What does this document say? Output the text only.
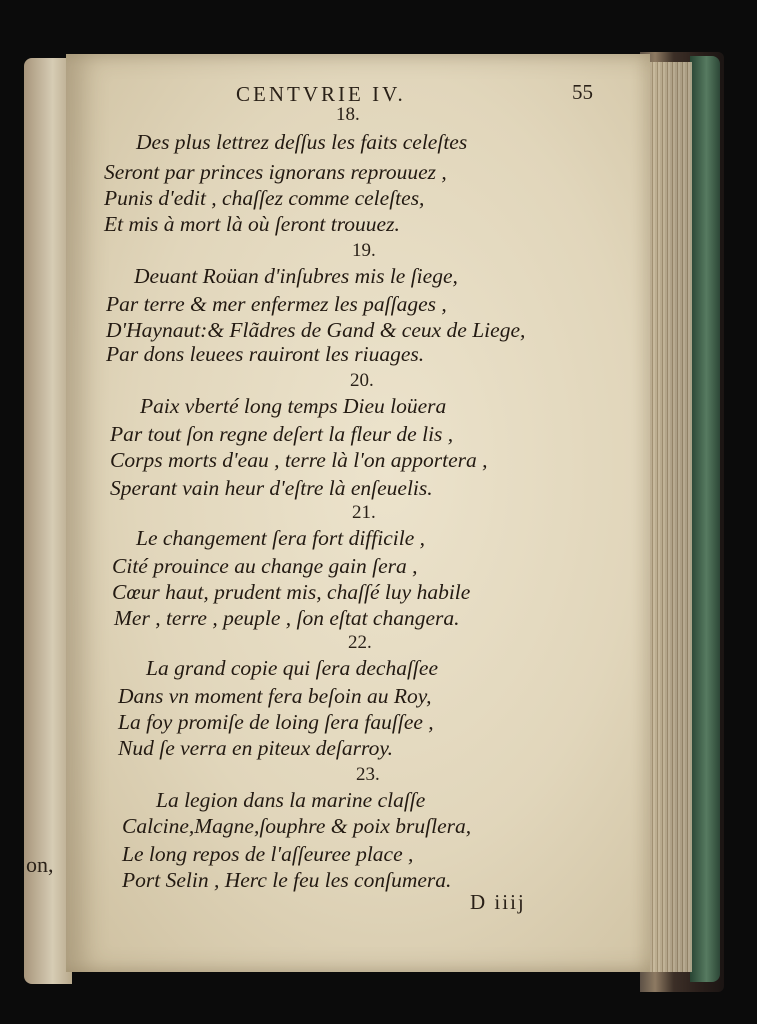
on,
CENTVRIE IV.	55
18.
Des plus lettrez deſſus les faits celeſtes
Seront par princes ignorans reprouuez ,
Punis d'edit , chaſſez comme celeſtes,
Et mis à mort là où ſeront trouuez.
19.
Deuant Roüan d'inſubres mis le ſiege,
Par terre & mer enfermez les paſſages ,
D'Haynaut:& Flãdres de Gand & ceux de Liege,
Par dons leuees rauiront les riuages.
20.
Paix vberté long temps Dieu loüera
Par tout ſon regne deſert la fleur de lis ,
Corps morts d'eau , terre là l'on apportera ,
Sperant vain heur d'eſtre là enſeuelis.
21.
Le changement ſera fort difficile ,
Cité prouince au change gain ſera ,
Cœur haut, prudent mis, chaſſé luy habile
Mer , terre , peuple , ſon eſtat changera.
22.
La grand copie qui ſera dechaſſee
Dans vn moment fera beſoin au Roy,
La foy promiſe de loing ſera fauſſee ,
Nud ſe verra en piteux deſarroy.
23.
La legion dans la marine claſſe
Calcine,Magne,ſouphre & poix bruſlera,
Le long repos de l'aſſeuree place ,
Port Selin , Herc le feu les conſumera.
D iiij
